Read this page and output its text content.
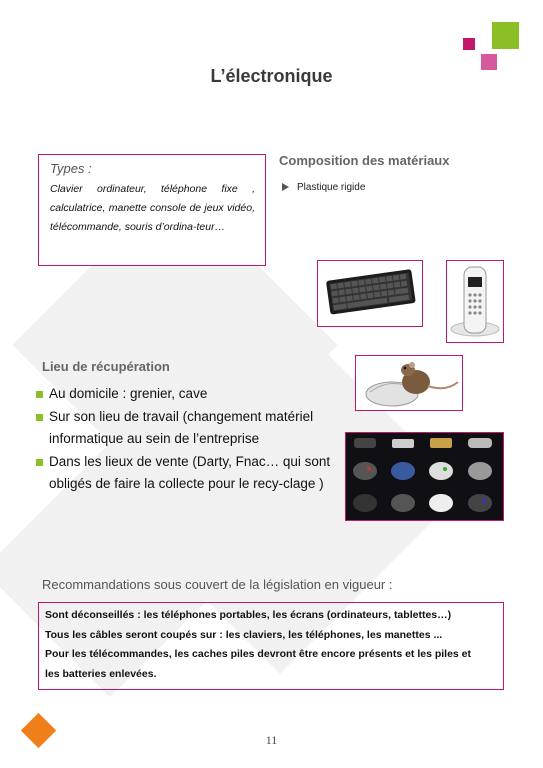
L’électronique
Types :
Clavier ordinateur, téléphone fixe , calculatrice, manette console de jeux vidéo, télécommande, souris d’ordina-teur…
Composition des matériaux
Plastique rigide
Lieu de récupération
Au domicile : grenier, cave
Sur son lieu de travail (changement matériel informatique au sein de l’entreprise
Dans les lieux de vente (Darty, Fnac… qui sont obligés de faire la collecte pour le recy-clage )
Recommandations sous couvert de la législation en vigueur :
Sont déconseillés : les téléphones portables, les écrans (ordinateurs, tablettes…)
Tous les câbles seront coupés sur : les claviers, les téléphones, les manettes ...
Pour les télécommandes, les caches piles devront être encore présents et les piles et
les batteries enlevées.
11
